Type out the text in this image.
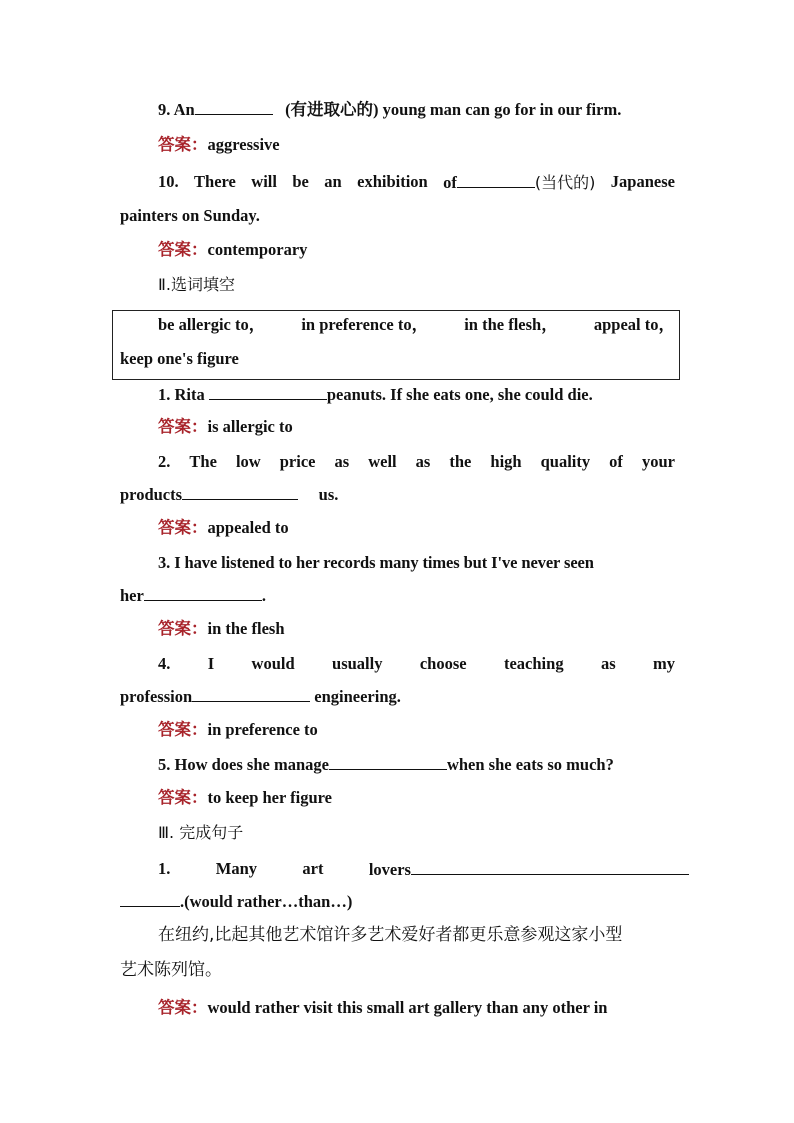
9. An	(有进取心的) young man can go for in our firm.
答案：aggressive
10. There will be an exhibition of	(当代的) Japanese
painters on Sunday.
答案：contemporary
Ⅱ.选词填空
be allergic to， in preference to， in the flesh， appeal to，
keep one's figure
1. Rita	peanuts. If she eats one, she could die.
答案：is allergic to
2. The low price as well as the high quality of your
products	us.
答案：appealed to
3. I have listened to her records many times but I've never seen
her	.
答案：in the flesh
4. I would usually choose teaching as my
profession	engineering.
答案：in preference to
5. How does she manage	when she eats so much?
答案：to keep her figure
Ⅲ. 完成句子
1.	Many	art	lovers
.(would rather…than…)
在纽约,比起其他艺术馆许多艺术爱好者都更乐意参观这家小型
艺术陈列馆。
答案：would rather visit this small art gallery than any other in
